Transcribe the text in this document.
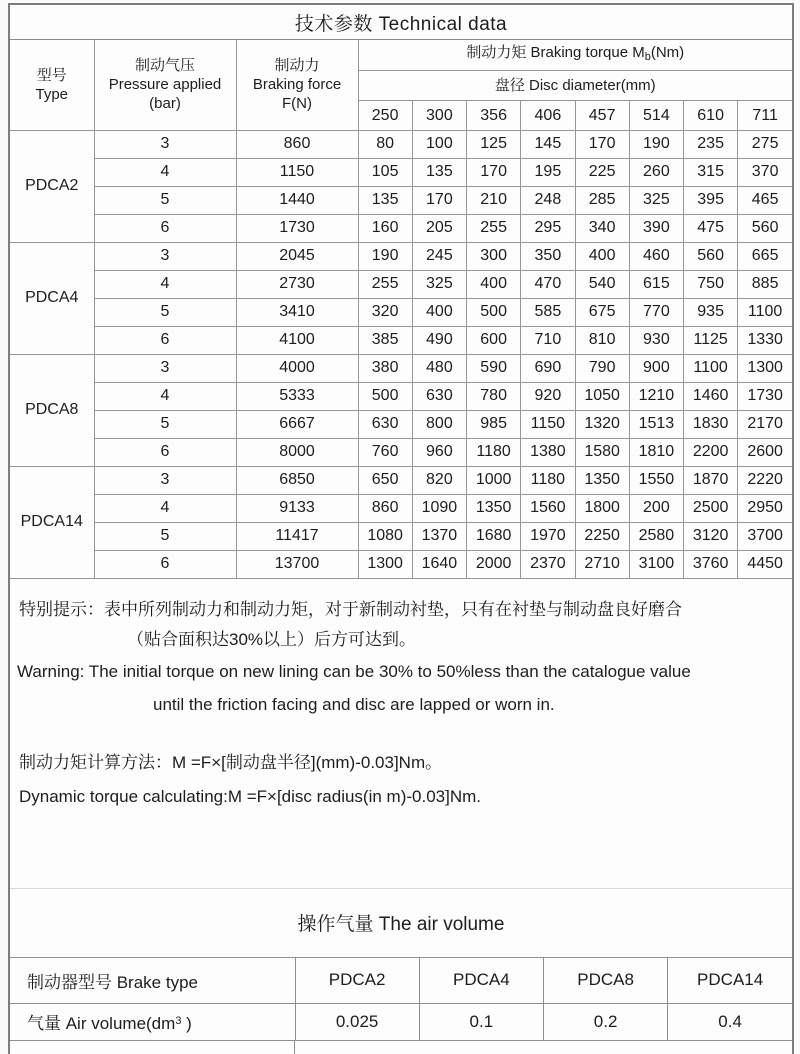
技术参数 Technical data
型号
Type	制动气压
Pressure applied
(bar)	制动力
Braking force
F(N)	制动力矩 Braking torque $M_b(Nm)$							
			盘径 Disc diameter(mm)							
			250	300	356	406	457	514	610	711
PDCA2	3	860	80	100	125	145	170	190	235	275
	4	1150	105	135	170	195	225	260	315	370
	5	1440	135	170	210	248	285	325	395	465
	6	1730	160	205	255	295	340	390	475	560
PDCA4	3	2045	190	245	300	350	400	460	560	665
	4	2730	255	325	400	470	540	615	750	885
	5	3410	320	400	500	585	675	770	935	1100
	6	4100	385	490	600	710	810	930	1125	1330
PDCA8	3	4000	380	480	590	690	790	900	1100	1300
	4	5333	500	630	780	920	1050	1210	1460	1730
	5	6667	630	800	985	1150	1320	1513	1830	2170
	6	8000	760	960	1180	1380	1580	1810	2200	2600
PDCA14	3	6850	650	820	1000	1180	1350	1550	1870	2220
	4	9133	860	1090	1350	1560	1800	200	2500	2950
	5	11417	1080	1370	1680	1970	2250	2580	3120	3700
	6	13700	1300	1640	2000	2370	2710	3100	3760	4450
特别提示：表中所列制动力和制动力矩，对于新制动衬垫，只有在衬垫与制动盘良好磨合
（贴合面积达30%以上）后方可达到。
Warning: The initial torque on new lining can be 30% to 50%less than the catalogue value
until the friction facing and disc are lapped or worn in.
制动力矩计算方法：M =F×[制动盘半径](mm)-0.03]Nm。
Dynamic torque calculating:M =F×[disc radius(in m)-0.03]Nm.
操作气量 The air volume
制动器型号 Brake type	PDCA2	PDCA4	PDCA8	PDCA14
气量 Air $volume(dm^3$ )	0.025	0.1	0.2	0.4
